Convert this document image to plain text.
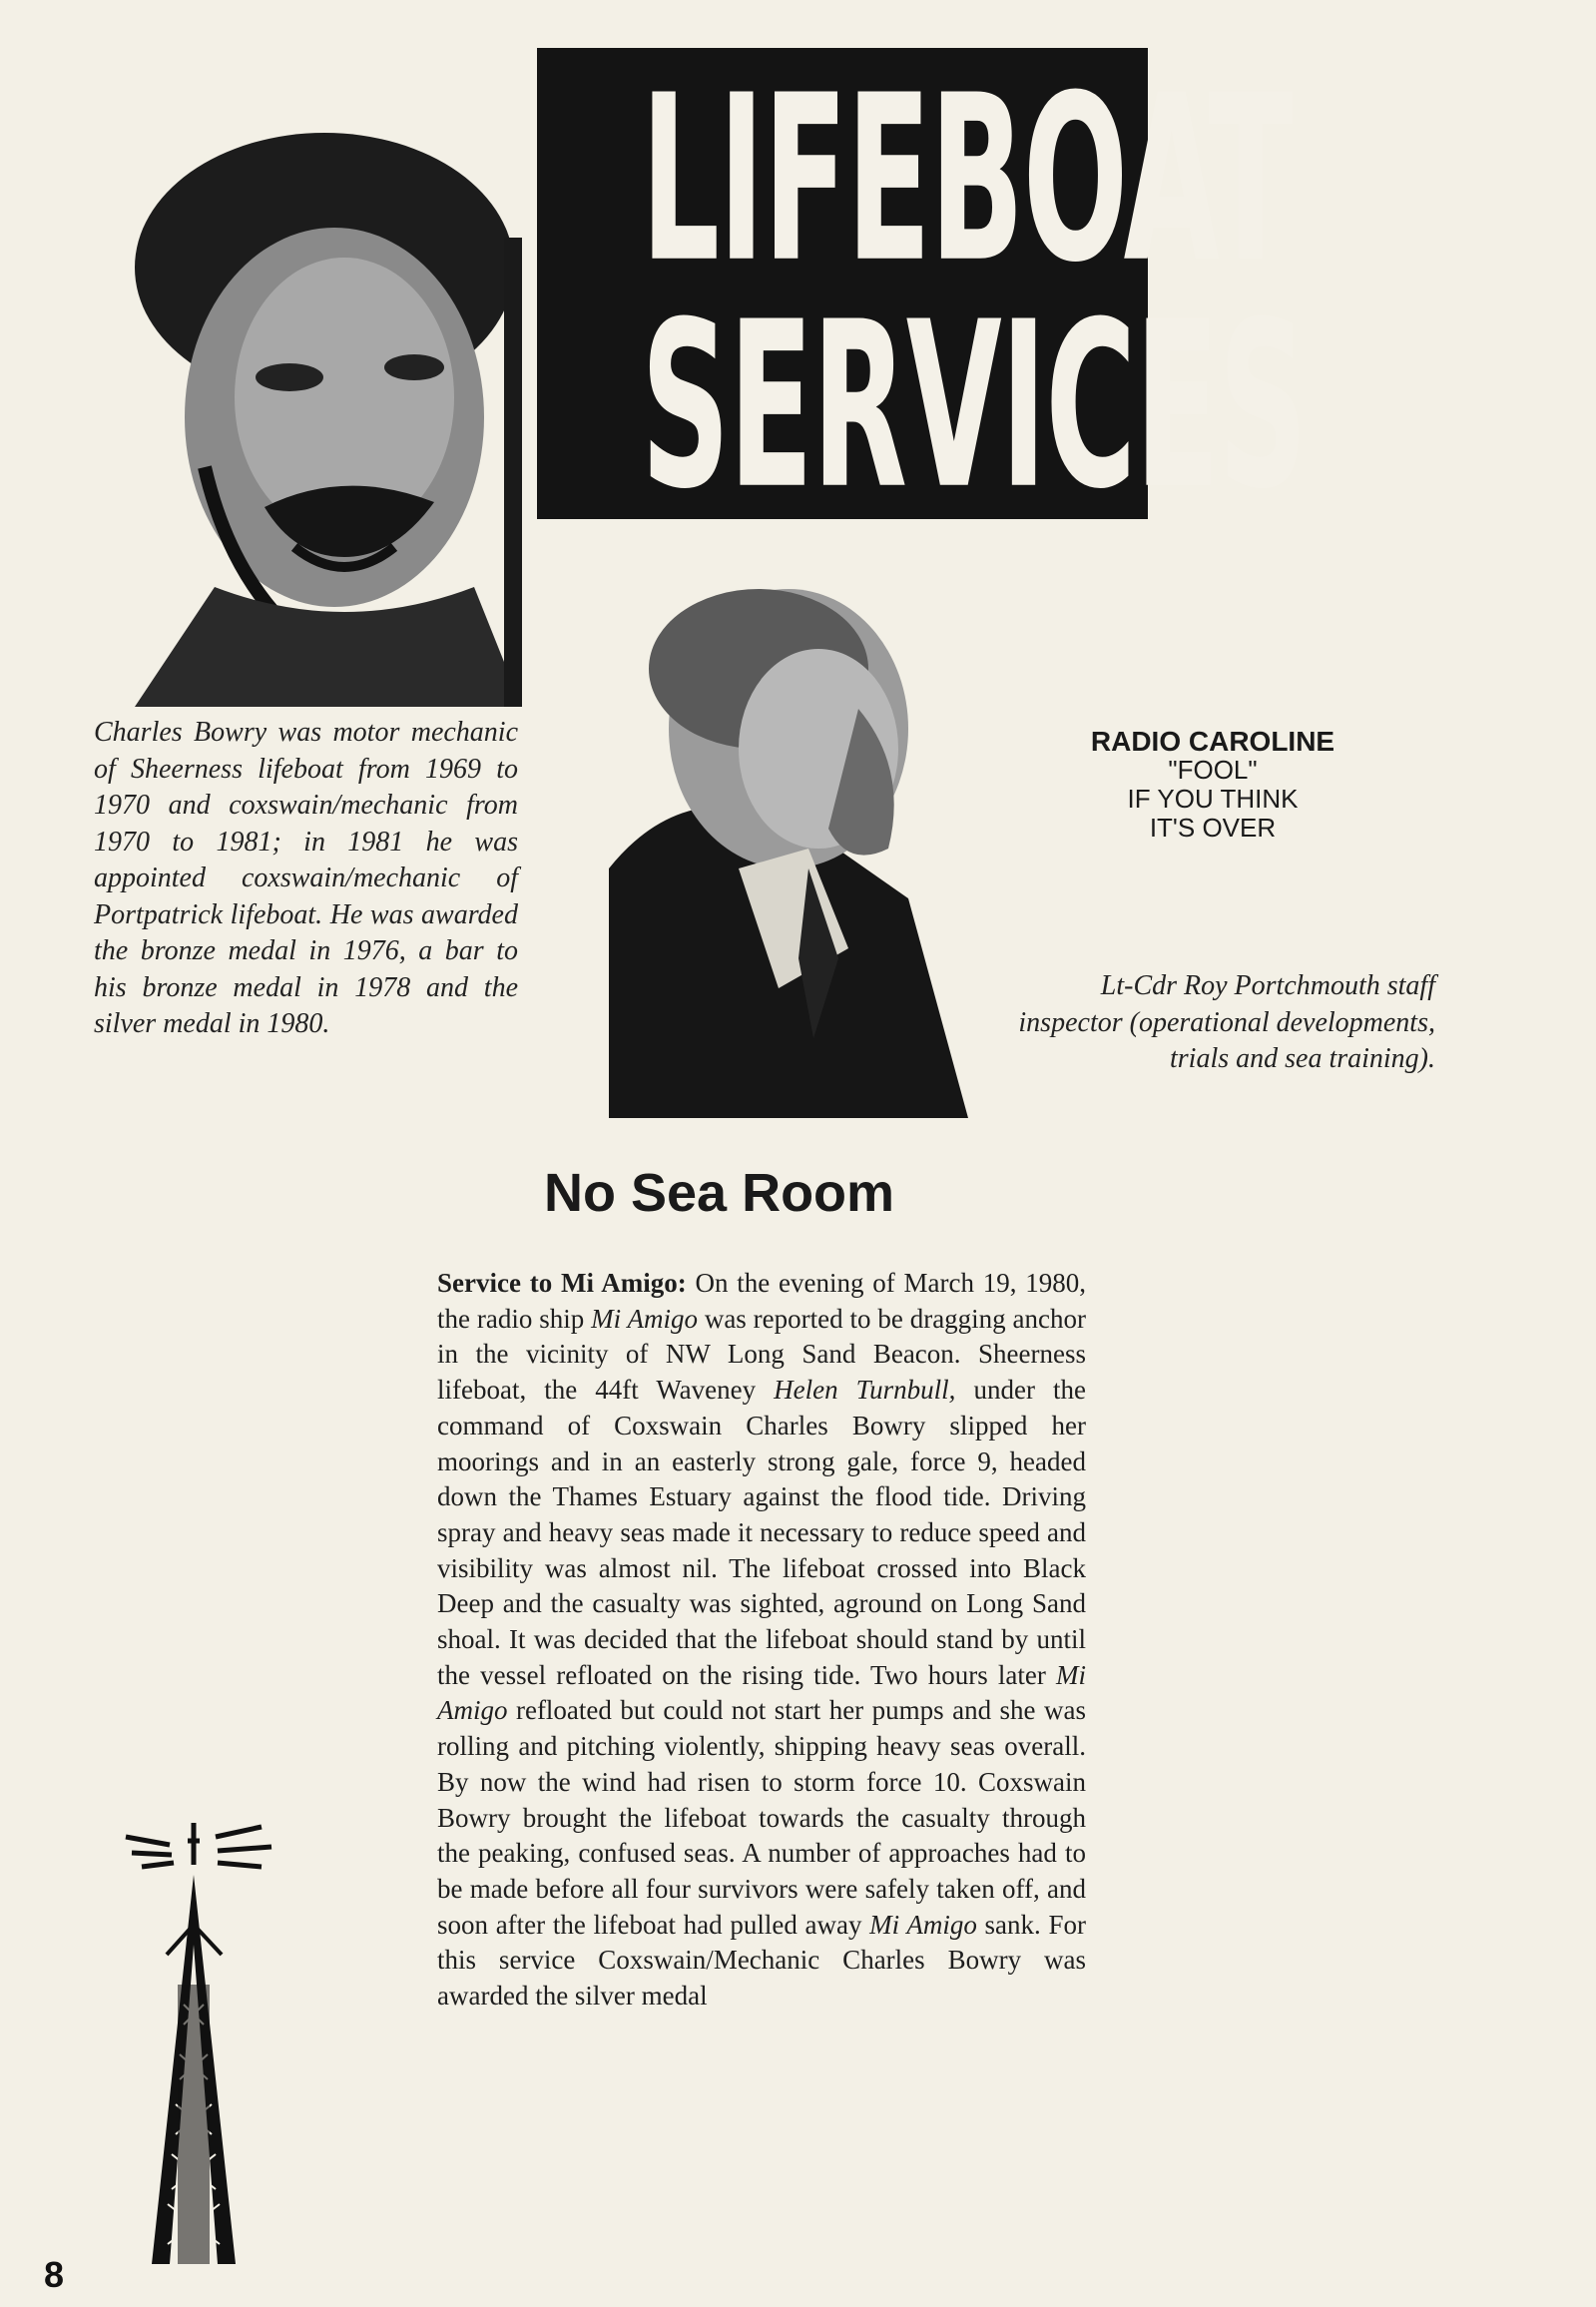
LIFEBOAT
SERVICES
Charles Bowry was motor mechanic of Sheerness lifeboat from 1969 to 1970 and coxswain/mechanic from 1970 to 1981; in 1981 he was appointed coxswain/mechanic of Portpatrick lifeboat. He was awarded the bronze medal in 1976, a bar to his bronze medal in 1978 and the silver medal in 1980.
RADIO CAROLINE
"FOOL"
IF YOU THINK
IT'S OVER
Lt-Cdr Roy Portchmouth staff inspector (operational developments, trials and sea training).
No Sea Room
Service to Mi Amigo: On the evening of March 19, 1980, the radio ship Mi Amigo was reported to be dragging anchor in the vicinity of NW Long Sand Beacon. Sheerness lifeboat, the 44ft Waveney Helen Turnbull, under the command of Coxswain Charles Bowry slipped her moorings and in an easterly strong gale, force 9, headed down the Thames Estuary against the flood tide. Driving spray and heavy seas made it necessary to reduce speed and visibility was almost nil. The lifeboat crossed into Black Deep and the casualty was sighted, aground on Long Sand shoal. It was decided that the lifeboat should stand by until the vessel refloated on the rising tide. Two hours later Mi Amigo refloated but could not start her pumps and she was rolling and pitching violently, shipping heavy seas overall. By now the wind had risen to storm force 10. Coxswain Bowry brought the lifeboat towards the casualty through the peaking, confused seas. A number of approaches had to be made before all four survivors were safely taken off, and soon after the lifeboat had pulled away Mi Amigo sank. For this service Coxswain/Mechanic Charles Bowry was awarded the silver medal
8
